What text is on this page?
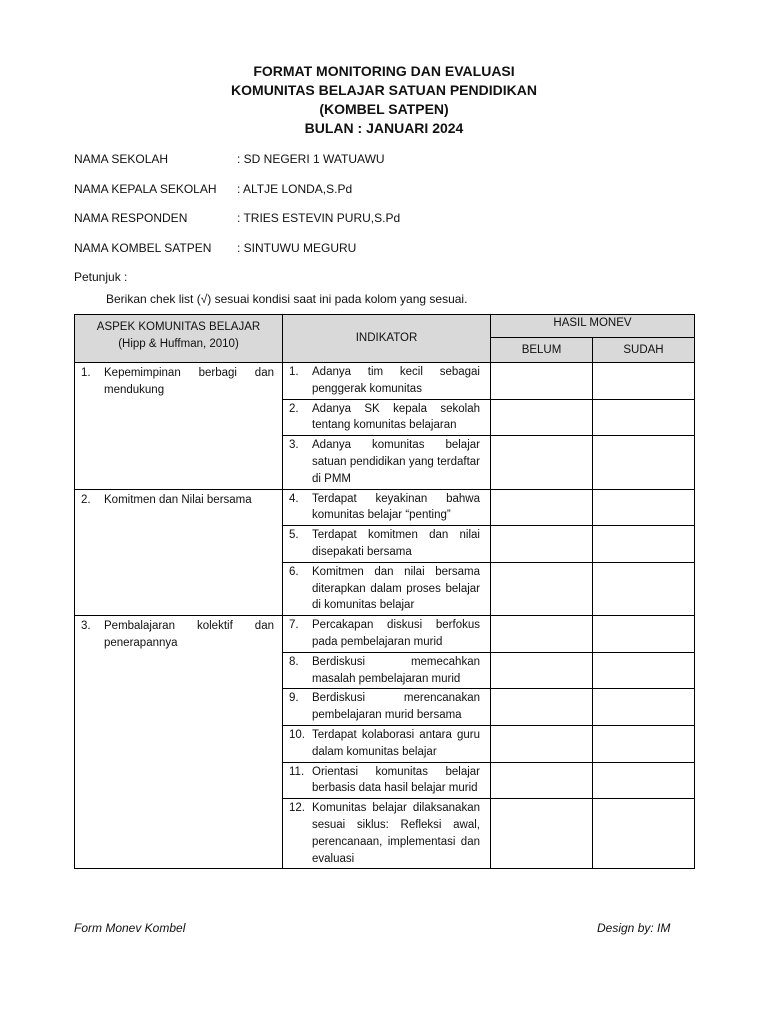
FORMAT MONITORING DAN EVALUASI
KOMUNITAS BELAJAR SATUAN PENDIDIKAN
(KOMBEL SATPEN)
BULAN : JANUARI 2024
NAMA SEKOLAH	: SD NEGERI 1 WATUAWU
NAMA KEPALA SEKOLAH : ALTJE LONDA,S.Pd
NAMA RESPONDEN	: TRIES ESTEVIN PURU,S.Pd
NAMA KOMBEL SATPEN : SINTUWU MEGURU
Petunjuk :
Berikan chek list (√) sesuai kondisi saat ini pada kolom yang sesuai.
ASPEK KOMUNITAS BELAJAR
(Hipp & Huffman, 2010)	INDIKATOR	HASIL MONEV	
		BELUM	SUDAH

1. Kepemimpinan berbagi dan mendukung	1. Adanya tim kecil sebagai penggerak komunitas		

	2. Adanya SK kepala sekolah tentang komunitas belajaran		

	3. Adanya komunitas belajar satuan pendidikan yang terdaftar di PMM		

2. Komitmen dan Nilai bersama	4. Terdapat keyakinan bahwa komunitas belajar “penting”		

	5. Terdapat komitmen dan nilai disepakati bersama		

	6. Komitmen dan nilai bersama diterapkan dalam proses belajar di komunitas belajar		

3. Pembalajaran kolektif dan penerapannya	7. Percakapan diskusi berfokus pada pembelajaran murid		

	8. Berdiskusi memecahkan masalah pembelajaran murid		

	9. Berdiskusi merencanakan pembelajaran murid bersama		

	10. Terdapat kolaborasi antara guru dalam komunitas belajar		

	11. Orientasi komunitas belajar berbasis data hasil belajar murid		

	12. Komunitas belajar dilaksanakan sesuai siklus: Refleksi awal, perencanaan, implementasi dan evaluasi		

Form Monev Kombel	Design by: IM
